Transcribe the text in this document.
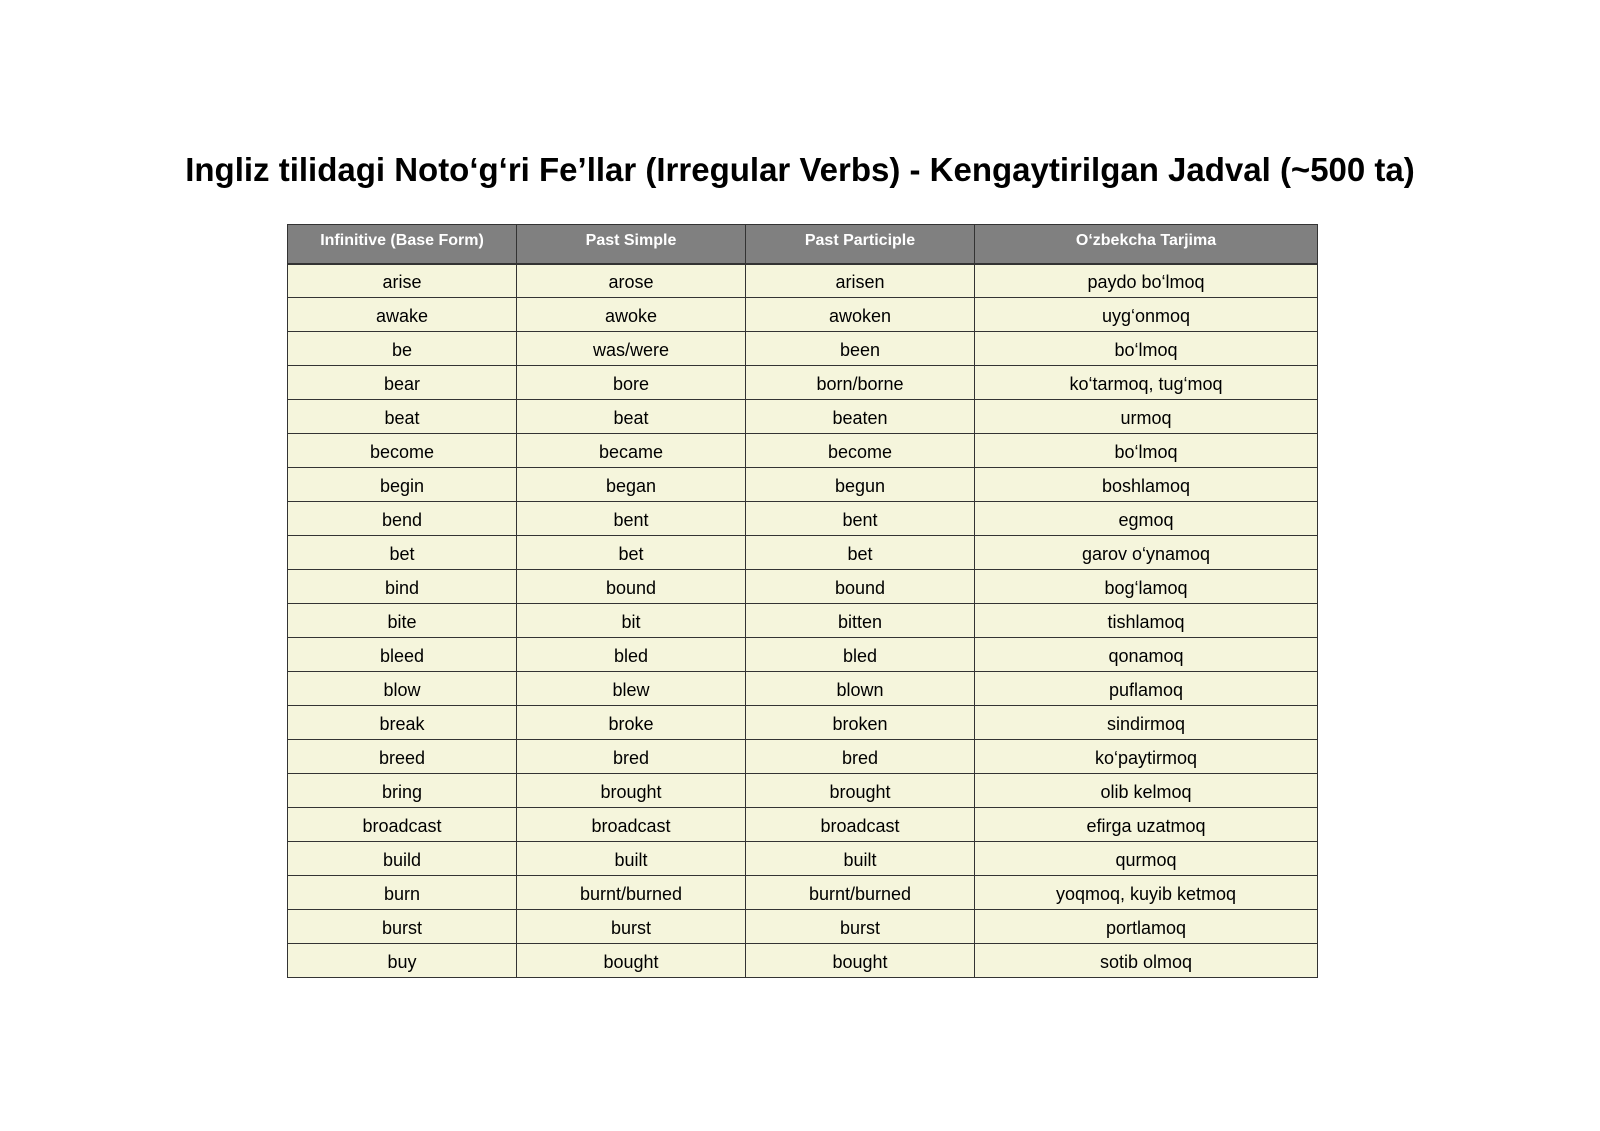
Ingliz tilidagi Noto‘g‘ri Fe’llar (Irregular Verbs) - Kengaytirilgan Jadval (~500 ta)
Infinitive (Base Form)	Past Simple	Past Participle	O‘zbekcha Tarjima
arise	arose	arisen	paydo bo‘lmoq
awake	awoke	awoken	uyg‘onmoq
be	was/were	been	bo‘lmoq
bear	bore	born/borne	ko‘tarmoq, tug‘moq
beat	beat	beaten	urmoq
become	became	become	bo‘lmoq
begin	began	begun	boshlamoq
bend	bent	bent	egmoq
bet	bet	bet	garov o‘ynamoq
bind	bound	bound	bog‘lamoq
bite	bit	bitten	tishlamoq
bleed	bled	bled	qonamoq
blow	blew	blown	puflamoq
break	broke	broken	sindirmoq
breed	bred	bred	ko‘paytirmoq
bring	brought	brought	olib kelmoq
broadcast	broadcast	broadcast	efirga uzatmoq
build	built	built	qurmoq
burn	burnt/burned	burnt/burned	yoqmoq, kuyib ketmoq
burst	burst	burst	portlamoq
buy	bought	bought	sotib olmoq
